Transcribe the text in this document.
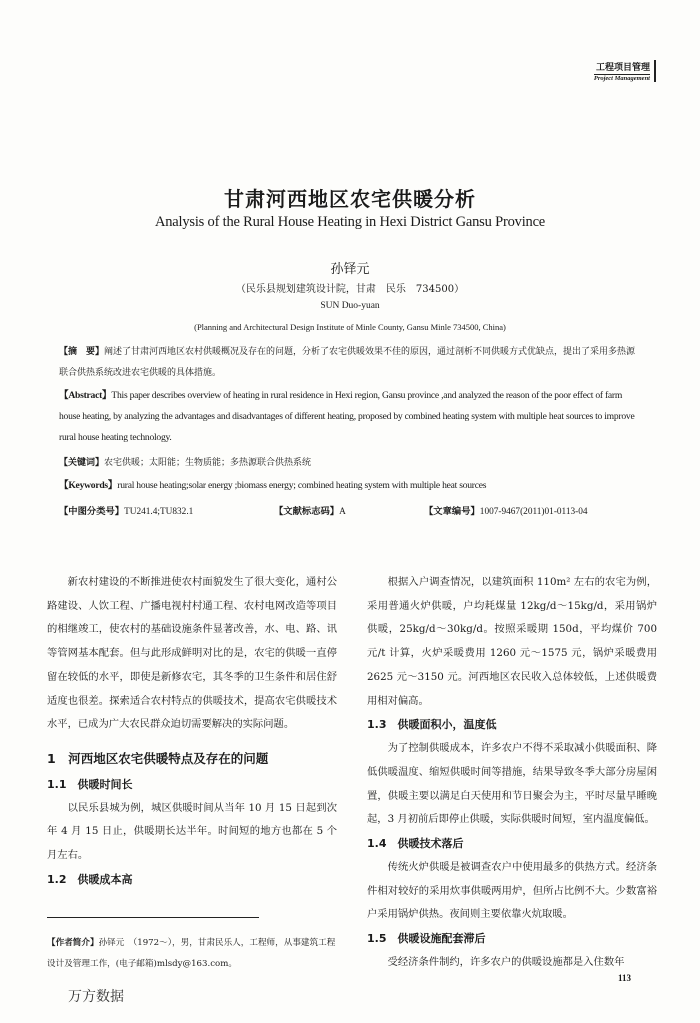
工程项目管理
Project Management
甘肃河西地区农宅供暖分析
Analysis of the Rural House Heating in Hexi District Gansu Province
孙铎元
（民乐县规划建筑设计院，甘肃　民乐　734500）
SUN Duo-yuan
(Planning and Architectural Design Institute of Minle County, Gansu Minle 734500, China)
【摘　要】阐述了甘肃河西地区农村供暖概况及存在的问题，分析了农宅供暖效果不佳的原因，通过剖析不同供暖方式优缺点，提出了采用多热源联合供热系统改进农宅供暖的具体措施。
【Abstract】This paper describes overview of heating in rural residence in Hexi region, Gansu province ,and analyzed the reason of the poor effect of farm house heating, by analyzing the advantages and disadvantages of different heating, proposed by combined heating system with multiple heat sources to improve rural house heating technology.
【关键词】农宅供暖；太阳能；生物质能；多热源联合供热系统
【Keywords】rural house heating;solar energy ;biomass energy; combined heating system with multiple heat sources
【中图分类号】TU241.4;TU832.1	【文献标志码】A	【文章编号】1007-9467(2011)01-0113-04

新农村建设的不断推进使农村面貌发生了很大变化，通村公路建设、人饮工程、广播电视村村通工程、农村电网改造等项目的相继竣工，使农村的基础设施条件显著改善，水、电、路、讯等管网基本配套。但与此形成鲜明对比的是，农宅的供暖一直停留在较低的水平，即使是新修农宅，其冬季的卫生条件和居住舒适度也很差。探索适合农村特点的供暖技术，提高农宅供暖技术水平，已成为广大农民群众迫切需要解决的实际问题。

1　河西地区农宅供暖特点及存在的问题
1.1　供暖时间长

以民乐县城为例，城区供暖时间从当年 10 月 15 日起到次年 4 月 15 日止，供暖期长达半年。时间短的地方也都在 5 个月左右。

1.2　供暖成本高

根据入户调查情况，以建筑面积 110m² 左右的农宅为例，采用普通火炉供暖，户均耗煤量 12kg/d～15kg/d，采用锅炉供暖，25kg/d～30kg/d。按照采暖期 150d，平均煤价 700 元/t 计算，火炉采暖费用 1260 元～1575 元，锅炉采暖费用 2625 元～3150 元。河西地区农民收入总体较低，上述供暖费用相对偏高。

1.3　供暖面积小，温度低

为了控制供暖成本，许多农户不得不采取减小供暖面积、降低供暖温度、缩短供暖时间等措施，结果导致冬季大部分房屋闲置，供暖主要以满足白天使用和节日聚会为主，平时尽量早睡晚起，3 月初前后即停止供暖，实际供暖时间短，室内温度偏低。

1.4　供暖技术落后

传统火炉供暖是被调查农户中使用最多的供热方式。经济条件相对较好的采用炊事供暖两用炉，但所占比例不大。少数富裕户采用锅炉供热。夜间则主要依靠火炕取暖。

1.5　供暖设施配套滞后

受经济条件制约，许多农户的供暖设施都是入住数年

【作者简介】孙铎元　（1972～），男，甘肃民乐人，工程师，从事建筑工程设计及管理工作，(电子邮箱)mlsdy@163.com。
113
万方数据
